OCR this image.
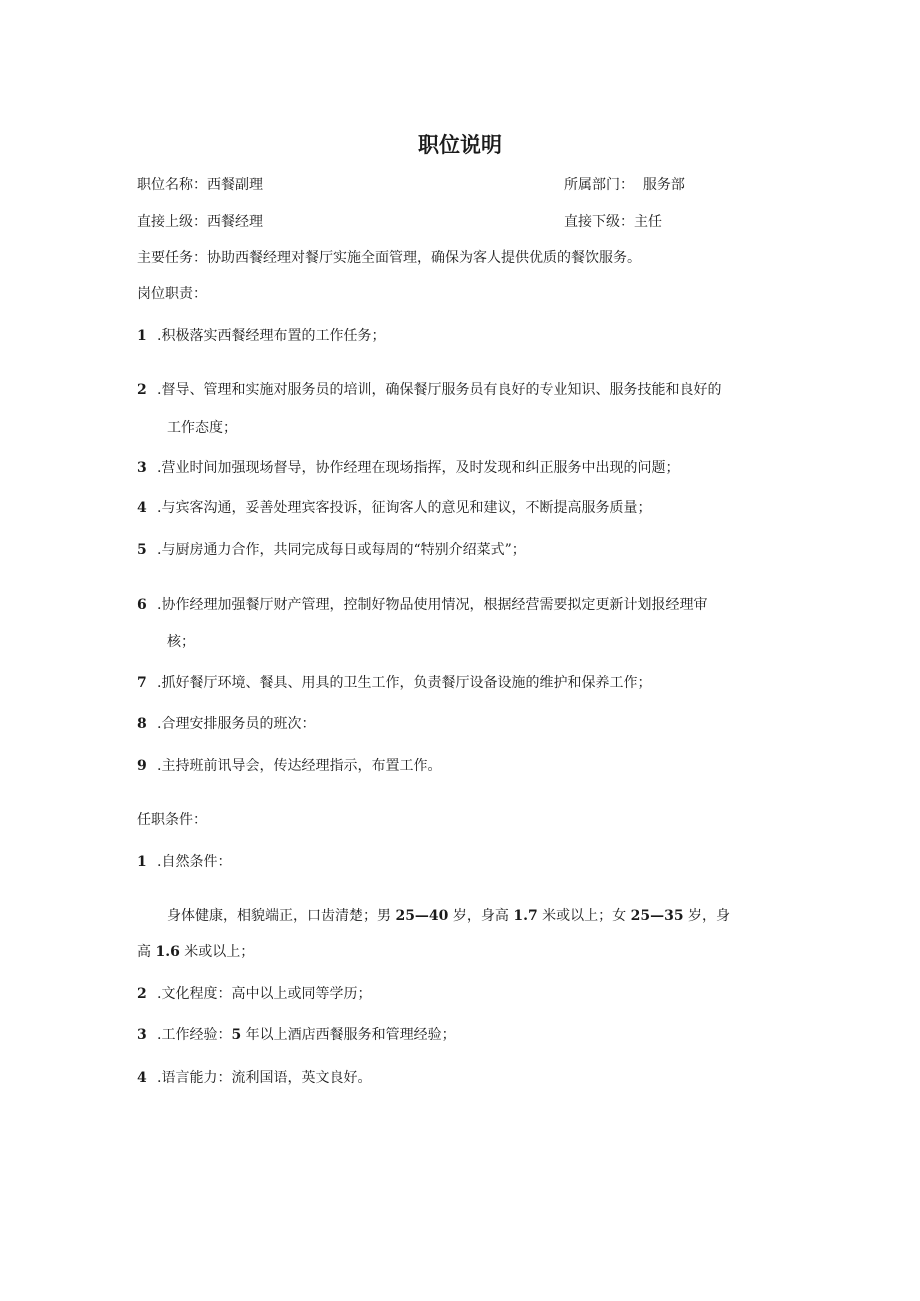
职位说明
职位名称：西餐副理	所属部门：  服务部
直接上级：西餐经理	直接下级：主任
主要任务：协助西餐经理对餐厅实施全面管理，确保为客人提供优质的餐饮服务。
岗位职责：
1 .积极落实西餐经理布置的工作任务；
2 .督导、管理和实施对服务员的培训，确保餐厅服务员有良好的专业知识、服务技能和良好的
工作态度；
3 .营业时间加强现场督导，协作经理在现场指挥，及时发现和纠正服务中出现的问题；
4 .与宾客沟通，妥善处理宾客投诉，征询客人的意见和建议，不断提高服务质量；
5 .与厨房通力合作，共同完成每日或每周的“特别介绍菜式”；
6 .协作经理加强餐厅财产管理，控制好物品使用情况，根据经营需要拟定更新计划报经理审
核；
7 .抓好餐厅环境、餐具、用具的卫生工作，负责餐厅设备设施的维护和保养工作；
8 .合理安排服务员的班次：
9 .主持班前讯导会，传达经理指示，布置工作。
任职条件：
1 .自然条件：
身体健康，相貌端正，口齿清楚；男 25—40 岁，身高 1.7 米或以上；女 25—35 岁，身
高 1.6 米或以上；
2 .文化程度：高中以上或同等学历；
3 .工作经验：5 年以上酒店西餐服务和管理经验；
4 .语言能力：流利国语，英文良好。
